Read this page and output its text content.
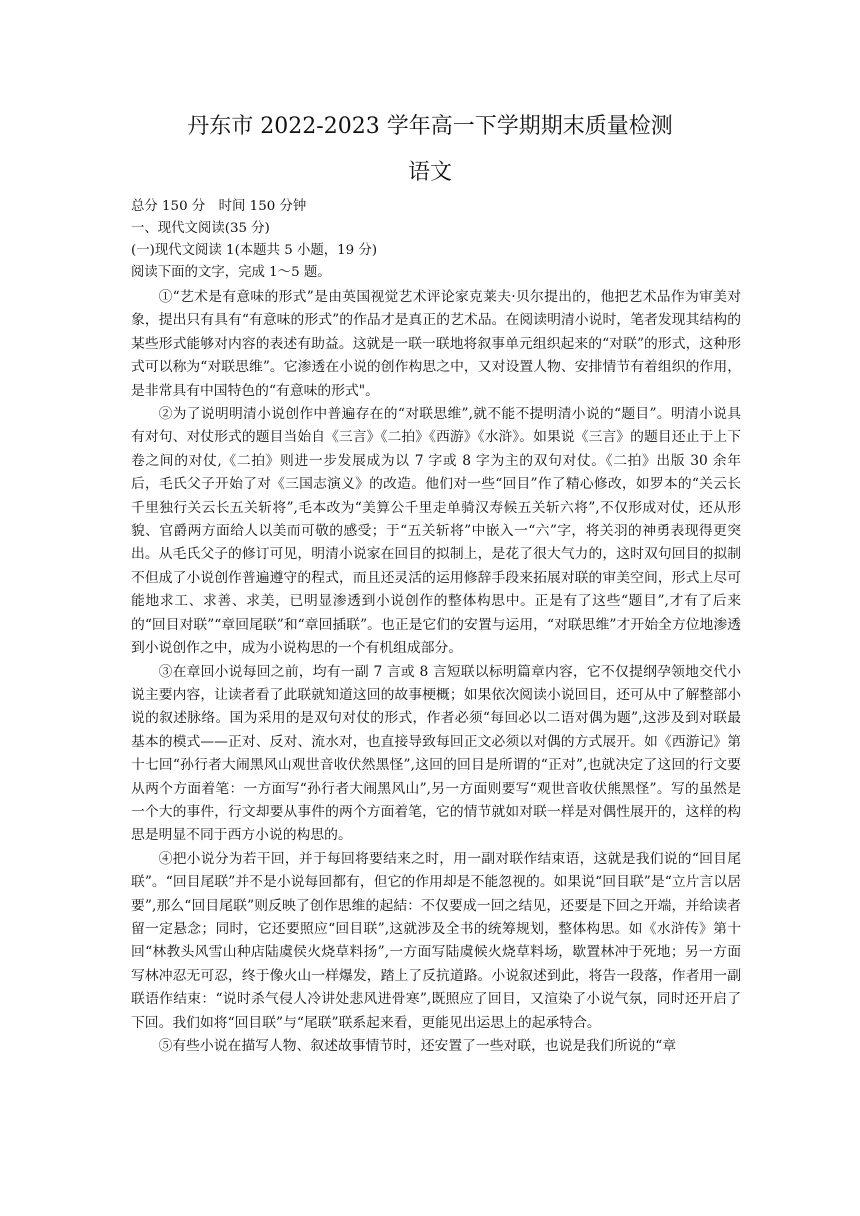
丹东市 2022-2023 学年高一下学期期末质量检测
语文
总分 150 分　时间 150 分钟
一、现代文阅读(35 分)
(一)现代文阅读 1(本题共 5 小题，19 分)
阅读下面的文字，完成 1～5 题。

①“艺术是有意味的形式”是由英国视觉艺术评论家克莱夫·贝尔提出的，他把艺术品作为审美对象，提出只有具有“有意味的形式”的作品才是真正的艺术品。在阅读明清小说时，笔者发现其结构的某些形式能够对内容的表述有助益。这就是一联一联地将叙事单元组织起来的“对联”的形式，这种形式可以称为“对联思维”。它渗透在小说的创作构思之中，又对设置人物、安排情节有着组织的作用，是非常具有中国特色的“有意味的形式"。

②为了说明明清小说创作中普遍存在的“对联思维”,就不能不提明清小说的“题目”。明清小说具有对句、对仗形式的题目当始自《三言》《二拍》《西游》《水浒》。如果说《三言》的题目还止于上下卷之间的对仗,《二拍》则进一步发展成为以 7 字或 8 字为主的双句对仗。《二拍》出版 30 余年后，毛氏父子开始了对《三国志演义》的改造。他们对一些“回目”作了精心修改，如罗本的“关云长千里独行关云长五关斩将”,毛本改为“美算公千里走单骑汉寿候五关斩六将”,不仅形成对仗，还从形貌、官爵两方面给人以美而可敬的感受；于“五关斩将”中嵌入一“六”字，将关羽的神勇表现得更突出。从毛氏父子的修订可见，明清小说家在回目的拟制上，是花了很大气力的，这时双句回目的拟制不但成了小说创作普遍遵守的程式，而且还灵活的运用修辞手段来拓展对联的审美空间，形式上尽可能地求工、求善、求美，已明显渗透到小说创作的整体构思中。正是有了这些“题目”,才有了后来的“回目对联”“章回尾联”和“章回插联”。也正是它们的安置与运用，“对联思维”才开始全方位地渗透到小说创作之中，成为小说构思的一个有机组成部分。

③在章回小说每回之前，均有一副 7 言或 8 言短联以标明篇章内容，它不仅提纲孕领地交代小说主要内容，让读者看了此联就知道这回的故事梗概；如果依次阅读小说回目，还可从中了解整部小说的叙述脉络。国为采用的是双句对仗的形式，作者必须“每回必以二语对偶为题”,这涉及到对联最基本的模式——正对、反对、流水对，也直接导致每回正文必须以对偶的方式展开。如《西游记》第十七回“孙行者大闹黑风山观世音收伏然黑怪”,这回的回目是所谓的“正对”,也就决定了这回的行文要从两个方面着笔：一方面写“孙行者大闹黑风山”,另一方面则要写“观世音收伏熊黑怪”。写的虽然是一个大的事件，行文却要从事件的两个方面着笔，它的情节就如对联一样是对偶性展开的，这样的构思是明显不同于西方小说的构思的。

④把小说分为若干回，并于每回将要结来之时，用一副对联作结束语，这就是我们说的“回目尾联”。“回目尾联”并不是小说每回都有，但它的作用却是不能忽视的。如果说“回目联”是“立片言以居要”,那么“回目尾联”则反映了创作思维的起結：不仅要成一回之结见，还要是下回之开端，并给读者留一定悬念；同时，它还要照应“回目联”,这就涉及全书的统筹规划，整体构思。如《水浒传》第十回“林教头风雪山种店陆虞侯火烧草料扬”,一方面写陆虞候火烧草料场，歇置林冲于死地；另一方面写林冲忍无可忍，终于像火山一样爆发，踏上了反抗道路。小说叙述到此，将告一段落，作者用一副联语作结束：“说时杀气侵人冷讲处悲风进骨寒”,既照应了回目，又渲染了小说气氛，同时还开启了下回。我们如将“回目联”与“尾联”联系起来看，更能见出运思上的起承特合。

⑤有些小说在描写人物、叙述故事情节时，还安置了一些对联，也说是我们所说的“章
